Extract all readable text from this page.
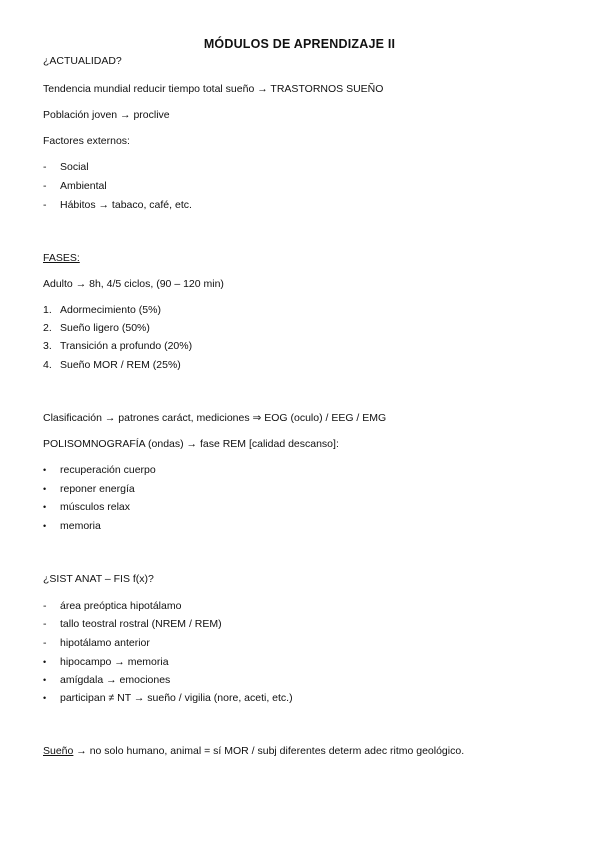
MÓDULOS DE APRENDIZAJE II
¿ACTUALIDAD?
Tendencia mundial reducir tiempo total sueño → TRASTORNOS SUEÑO
Población joven → proclive
Factores externos:
-	Social
-	Ambiental
-	Hábitos → tabaco, café, etc.
FASES:
Adulto → 8h, 4/5 ciclos, (90 – 120 min)
1. Adormecimiento (5%)
2. Sueño ligero (50%)
3. Transición a profundo (20%)
4. Sueño MOR / REM (25%)
Clasificación → patrones caráct, mediciones ⇒ EOG (oculo) / EEG / EMG
POLISOMNOGRAFÍA (ondas) → fase REM [calidad descanso]:
•	recuperación cuerpo
•	reponer energía
•	músculos relax
•	memoria
¿SIST ANAT – FIS f(x)?
-	área preóptica hipotálamo
-	tallo teostral rostral (NREM / REM)
-	hipotálamo anterior
•	hipocampo → memoria
•	amígdala → emociones
•	participan ≠ NT → sueño / vigilia (nore, aceti, etc.)
Sueño → no solo humano, animal = sí MOR / subj diferentes determ adec ritmo geológico.
